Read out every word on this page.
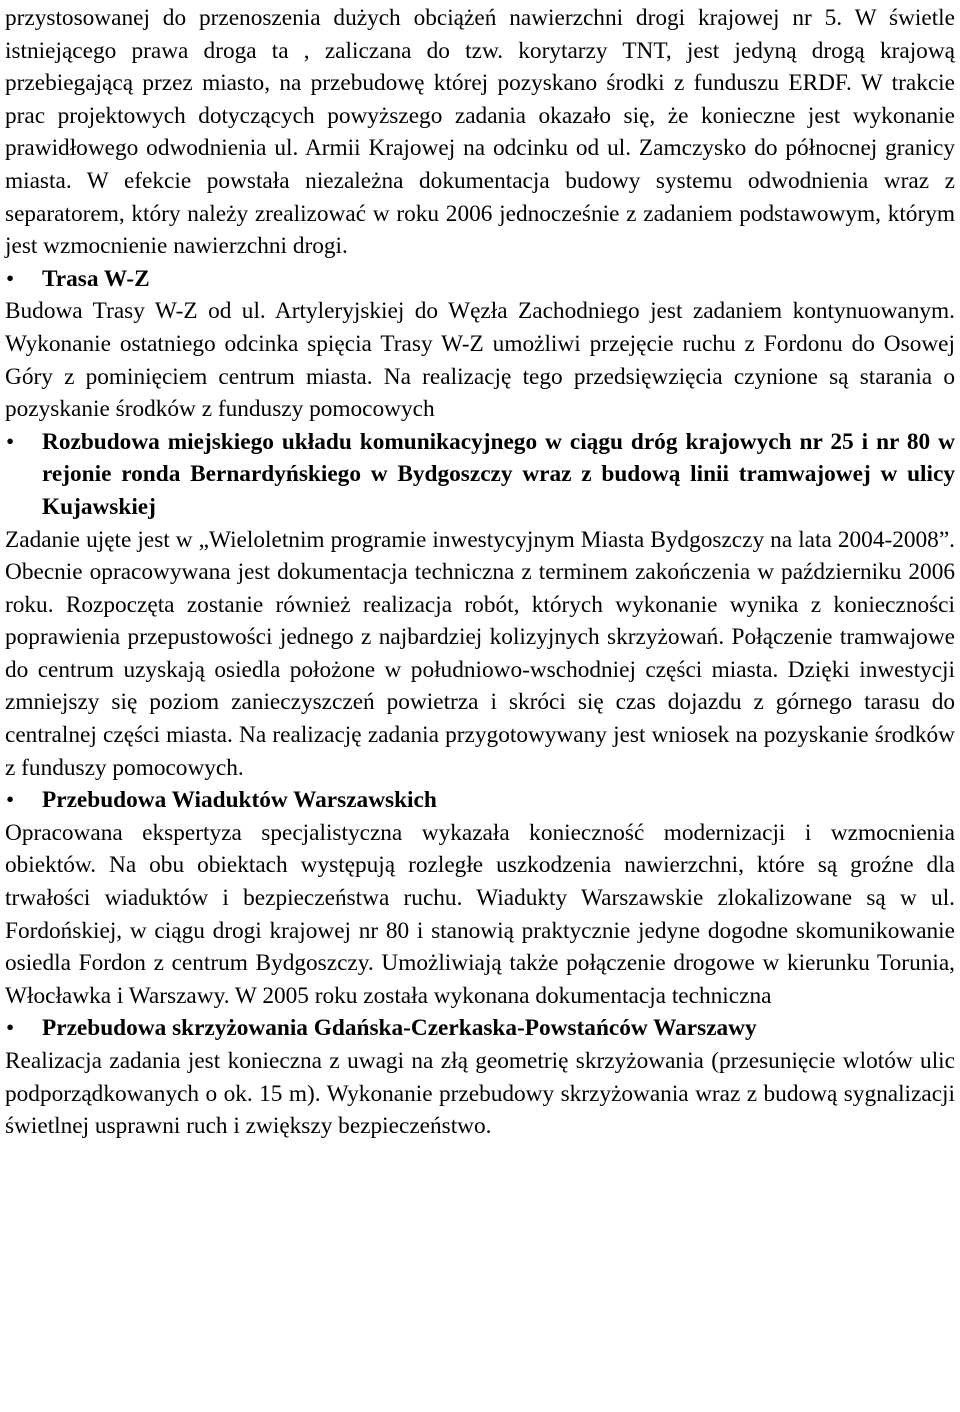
przystosowanej do przenoszenia dużych obciążeń nawierzchni drogi krajowej nr 5. W świetle istniejącego prawa droga ta , zaliczana do tzw. korytarzy TNT, jest jedyną drogą krajową przebiegającą przez miasto, na przebudowę której pozyskano środki z funduszu ERDF. W trakcie prac projektowych dotyczących powyższego zadania okazało się, że konieczne jest wykonanie prawidłowego odwodnienia ul. Armii Krajowej na odcinku od ul. Zamczysko do północnej granicy miasta. W efekcie powstała niezależna dokumentacja budowy systemu odwodnienia wraz z separatorem, który należy zrealizować w roku 2006 jednocześnie z zadaniem podstawowym, którym jest wzmocnienie nawierzchni drogi.

• Trasa W-Z

Budowa Trasy W-Z od ul. Artyleryjskiej do Węzła Zachodniego jest zadaniem kontynuowanym. Wykonanie ostatniego odcinka spięcia Trasy W-Z umożliwi przejęcie ruchu z Fordonu do Osowej Góry z pominięciem centrum miasta. Na realizację tego przedsięwzięcia czynione są starania o pozyskanie środków z funduszy pomocowych

• Rozbudowa miejskiego układu komunikacyjnego w ciągu dróg krajowych nr 25 i nr 80 w rejonie ronda Bernardyńskiego w Bydgoszczy wraz z budową linii tramwajowej w ulicy Kujawskiej

Zadanie ujęte jest w „Wieloletnim programie inwestycyjnym Miasta Bydgoszczy na lata 2004-2008”. Obecnie opracowywana jest dokumentacja techniczna z terminem zakończenia w październiku 2006 roku. Rozpoczęta zostanie również realizacja robót, których wykonanie wynika z konieczności poprawienia przepustowości jednego z najbardziej kolizyjnych skrzyżowań. Połączenie tramwajowe do centrum uzyskają osiedla położone w południowo-wschodniej części miasta. Dzięki inwestycji zmniejszy się poziom zanieczyszczeń powietrza i skróci się czas dojazdu z górnego tarasu do centralnej części miasta. Na realizację zadania przygotowywany jest wniosek na pozyskanie środków z funduszy pomocowych.

• Przebudowa Wiaduktów Warszawskich

Opracowana ekspertyza specjalistyczna wykazała konieczność modernizacji i wzmocnienia obiektów. Na obu obiektach występują rozległe uszkodzenia nawierzchni, które są groźne dla trwałości wiaduktów i bezpieczeństwa ruchu. Wiadukty Warszawskie zlokalizowane są w ul. Fordońskiej, w ciągu drogi krajowej nr 80 i stanowią praktycznie jedyne dogodne skomunikowanie osiedla Fordon z centrum Bydgoszczy. Umożliwiają także połączenie drogowe w kierunku Torunia, Włocławka i Warszawy. W 2005 roku została wykonana dokumentacja techniczna

• Przebudowa skrzyżowania Gdańska-Czerkaska-Powstańców Warszawy

Realizacja zadania jest konieczna z uwagi na złą geometrię skrzyżowania (przesunięcie wlotów ulic podporządkowanych o ok. 15 m). Wykonanie przebudowy skrzyżowania wraz z budową sygnalizacji świetlnej usprawni ruch i zwiększy bezpieczeństwo.
